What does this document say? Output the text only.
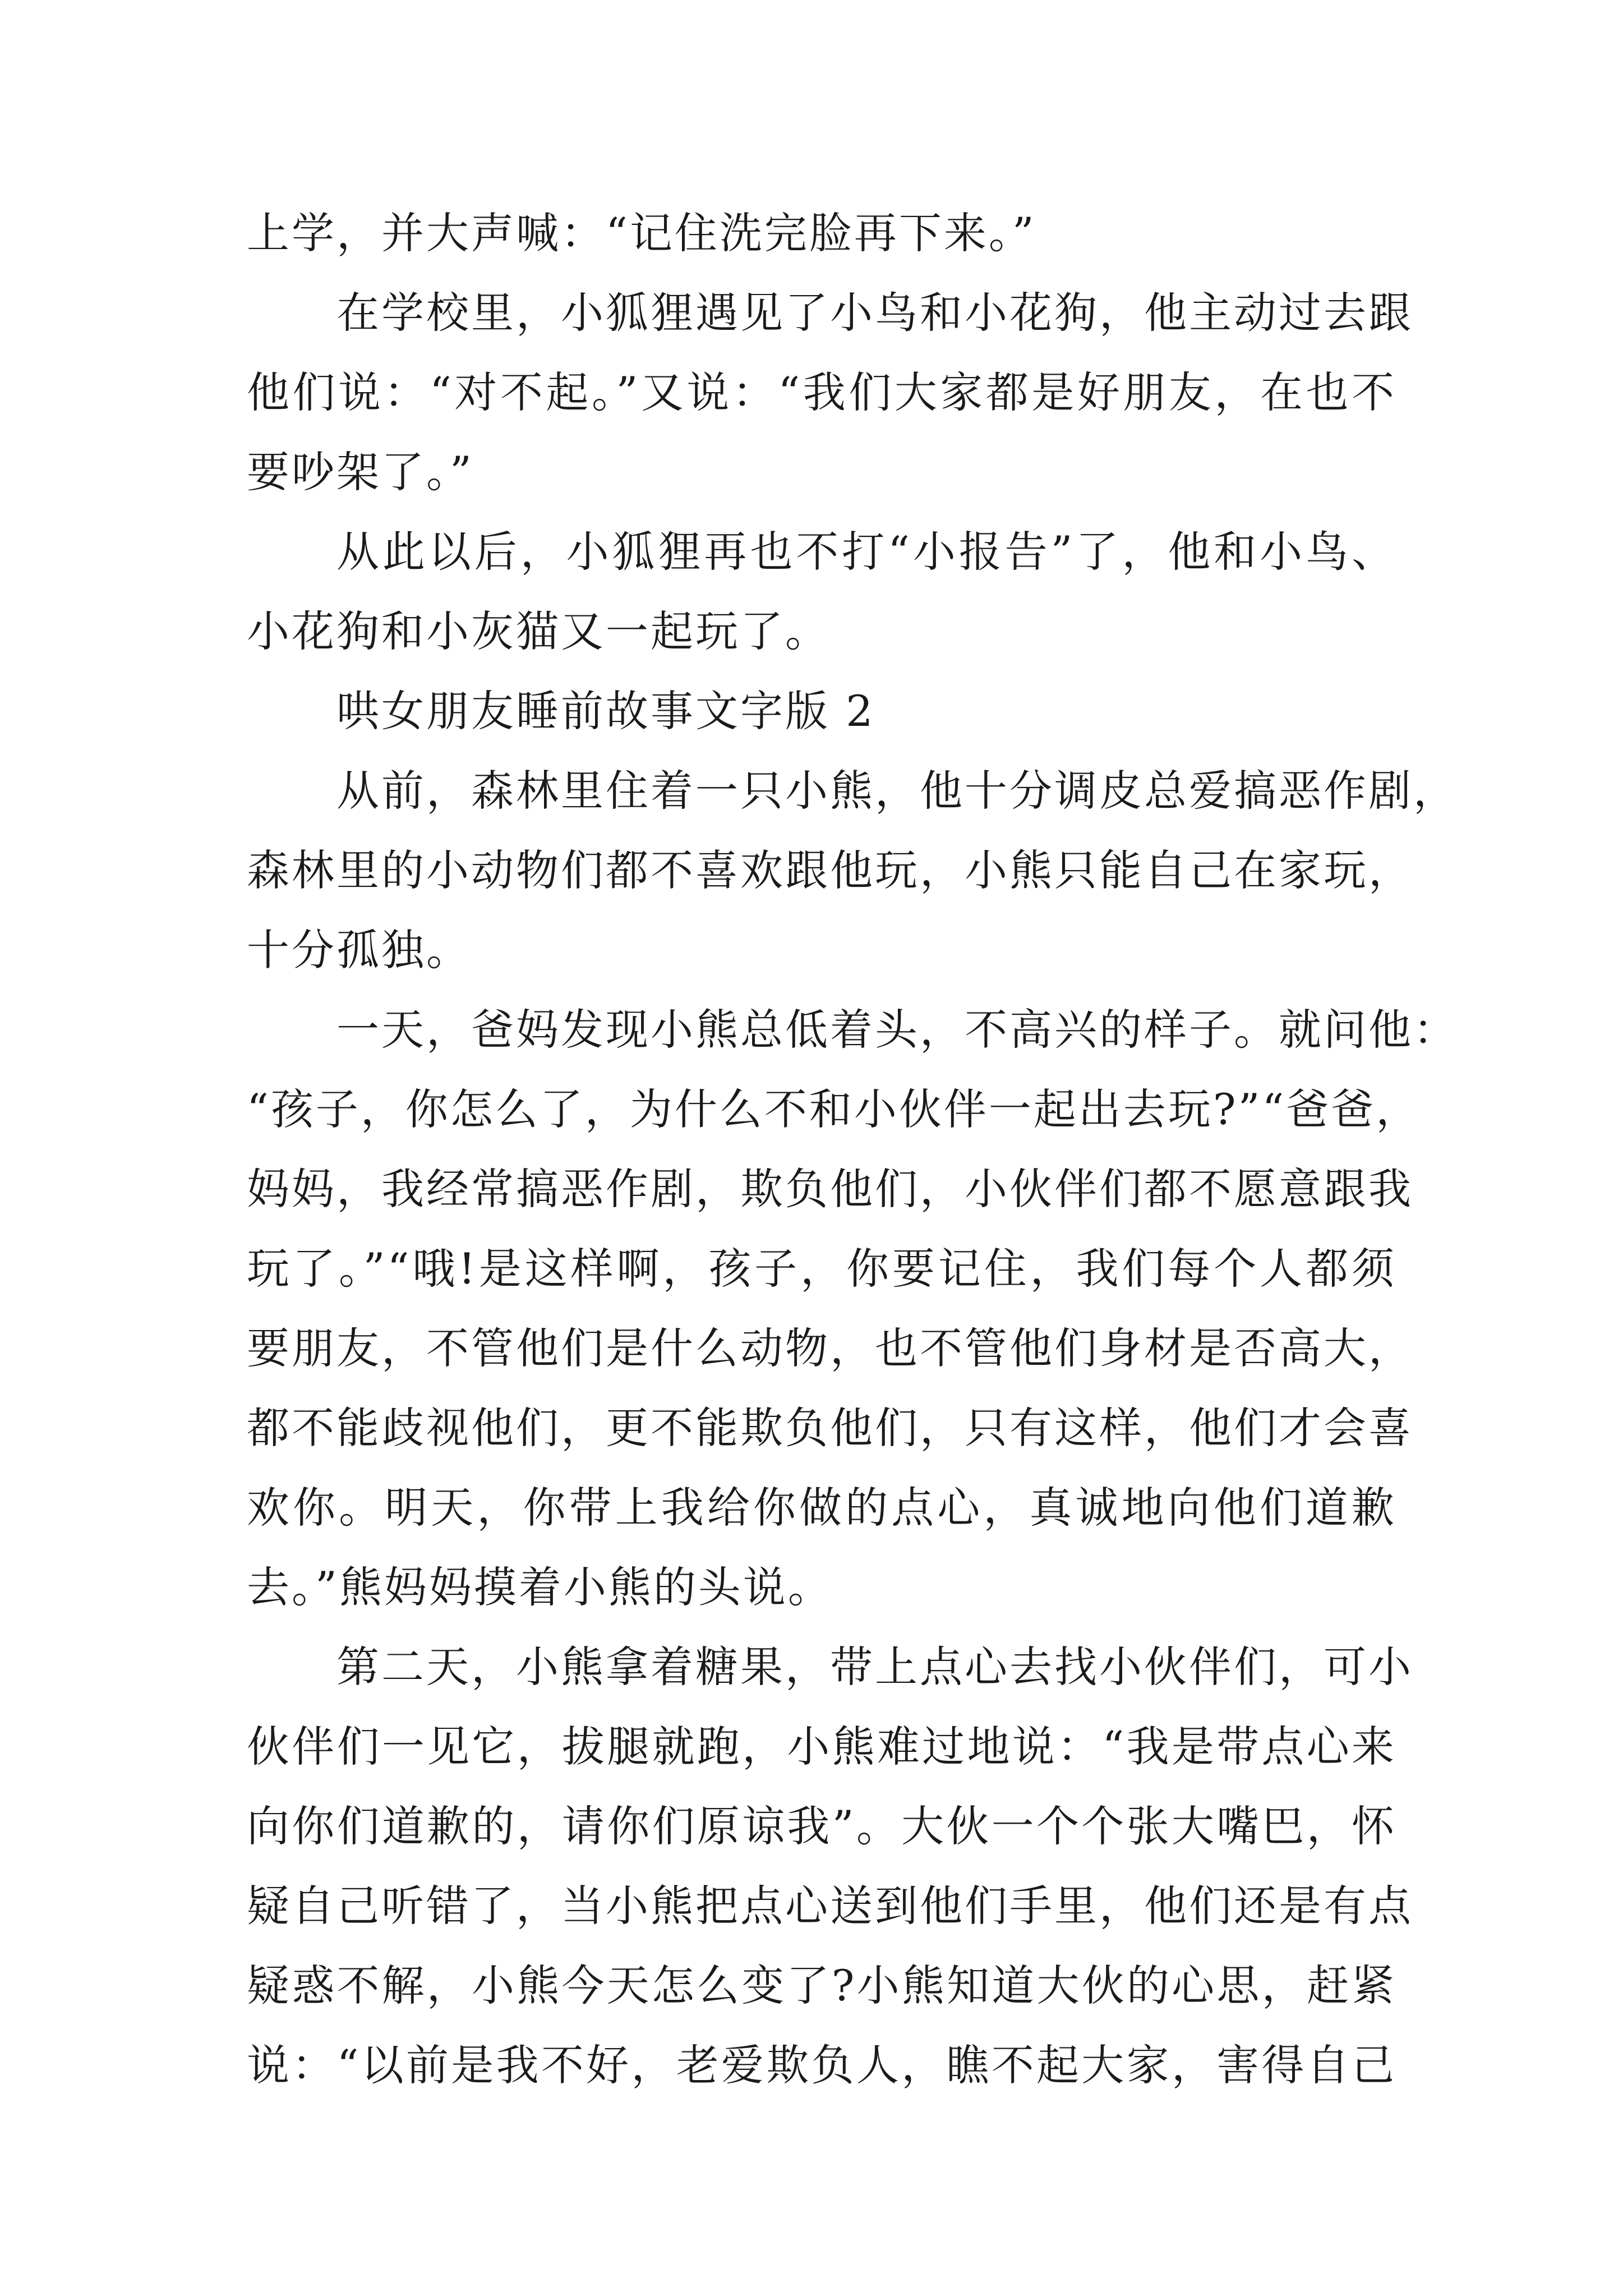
上学，并大声喊：“记住洗完脸再下来。”
在学校里，小狐狸遇见了小鸟和小花狗，他主动过去跟
他们说：“对不起。”又说：“我们大家都是好朋友，在也不
要吵架了。”
从此以后，小狐狸再也不打“小报告”了，他和小鸟、
小花狗和小灰猫又一起玩了。
哄女朋友睡前故事文字版 2
从前，森林里住着一只小熊，他十分调皮总爱搞恶作剧，
森林里的小动物们都不喜欢跟他玩，小熊只能自己在家玩，
十分孤独。
一天，爸妈发现小熊总低着头，不高兴的样子。就问他：
“孩子，你怎么了，为什么不和小伙伴一起出去玩?”“爸爸，
妈妈，我经常搞恶作剧，欺负他们，小伙伴们都不愿意跟我
玩了。”“哦!是这样啊，孩子，你要记住，我们每个人都须
要朋友，不管他们是什么动物，也不管他们身材是否高大，
都不能歧视他们，更不能欺负他们，只有这样，他们才会喜
欢你。明天，你带上我给你做的点心，真诚地向他们道歉
去。”熊妈妈摸着小熊的头说。
第二天，小熊拿着糖果，带上点心去找小伙伴们，可小
伙伴们一见它，拔腿就跑，小熊难过地说：“我是带点心来
向你们道歉的，请你们原谅我”。大伙一个个张大嘴巴，怀
疑自己听错了，当小熊把点心送到他们手里，他们还是有点
疑惑不解，小熊今天怎么变了?小熊知道大伙的心思，赶紧
说：“以前是我不好，老爱欺负人，瞧不起大家，害得自己
